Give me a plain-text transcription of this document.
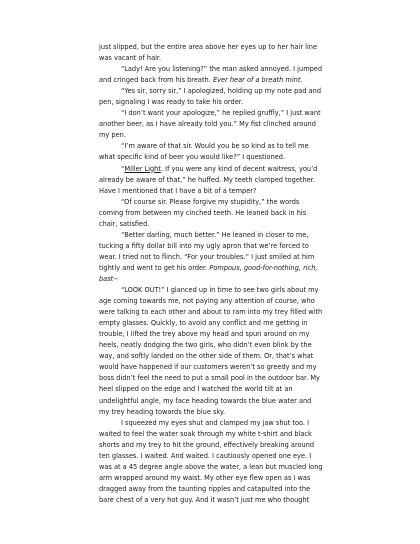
just slipped, but the entire area above her eyes up to her hair line was vacant of hair.

“Lady! Are you listening?” the man asked annoyed. I jumped and cringed back from his breath. Ever hear of a breath mint.

“Yes sir, sorry sir,” I apologized, holding up my note pad and pen, signaling I was ready to take his order.

“I don’t want your apologize,” he replied gruffly,” I just want another beer, as I have already told you.” My fist clinched around my pen.

“I’m aware of that sir. Would you be so kind as to tell me what specific kind of beer you would like?” I questioned.

“Miller Light. If you were any kind of decent waitress, you’d already be aware of that,” he huffed. My teeth clamped together. Have I mentioned that I have a bit of a temper?

“Of course sir. Please forgive my stupidity,” the words coming from between my cinched teeth. He leaned back in his chair, satisfied.

“Better darling, much better.” He leaned in closer to me, tucking a fifty dollar bill into my ugly apron that we’re forced to wear. I tried not to flinch. “For your troubles.” I just smiled at him tightly and went to get his order. Pompous, good-for-nothing, rich, bast--

“LOOK OUT!” I glanced up in time to see two girls about my age coming towards me, not paying any attention of course, who were talking to each other and about to ram into my trey filled with empty glasses. Quickly, to avoid any conflict and me getting in trouble, I lifted the trey above my head and spun around on my heels, neatly dodging the two girls, who didn’t even blink by the way, and softly landed on the other side of them. Or, that’s what would have happened if our customers weren’t so greedy and my boss didn’t feel the need to put a small pool in the outdoor bar. My heel slipped on the edge and I watched the world tilt at an undelightful angle, my face heading towards the blue water and my trey heading towards the blue sky.

I squeezed my eyes shut and clamped my jaw shut too. I waited to feel the water soak through my white t-shirt and black shorts and my trey to hit the ground, effectively breaking around ten glasses. I waited. And waited. I cautiously opened one eye. I was at a 45 degree angle above the water, a lean but muscled long arm wrapped around my waist. My other eye flew open as I was dragged away from the taunting ripples and catapulted into the bare chest of a very hot guy. And it wasn’t just me who thought
